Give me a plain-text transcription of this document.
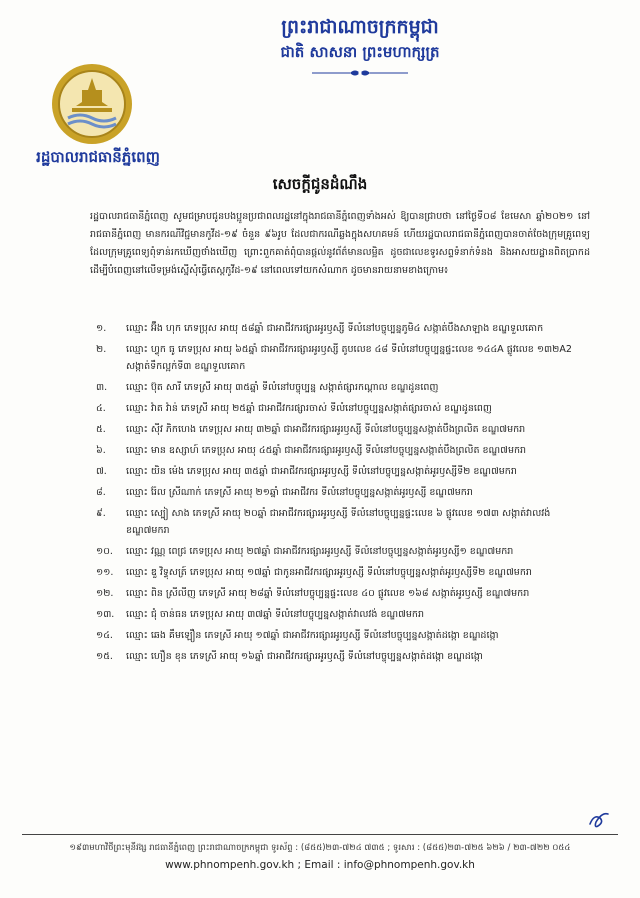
ព្រះរាជាណាចក្រកម្ពុជា
ជាតិ សាសនា ព្រះមហាក្សត្រ
រដ្ឋបាលរាជធានីភ្នំពេញ
សេចក្តីជូនដំណឹង
រដ្ឋបាលរាជធានីភ្នំពេញ សូមជម្រាបជូនបងប្អូនប្រជាពលរដ្ឋនៅក្នុងរាជធានីភ្នំពេញទាំងអស់ ឱ្យបានជ្រាបថា នៅថ្ងៃទី០៨ ខែមេសា ឆ្នាំ២០២១ នៅរាជធានីភ្នំពេញ មានករណីវិជ្ជមានកូវីដ-១៩ ចំនួន ៩៦រូប ដែលជាករណីឆ្លងក្នុងសហគមន៍ ហើយរដ្ឋបាលរាជធានីភ្នំពេញបានចាត់ចែងក្រុមគ្រូពេទ្យ ដែលក្រុមគ្រូពេទ្យពុំទាន់រកឃើញថាំងឃើញ ព្រោះពួកគាត់ពុំបានផ្តល់នូវព័ត៌មានលម្អិត ដូចជាលេខទូរសព្ទទំនាក់ទំនង និងអាសយដ្ឋានពិតប្រាកដ ដើម្បីបំពេញនៅលើទម្រង់ស្នើសុំធ្វើតេស្តកូវីដ-១៩ នៅពេលទៅយកសំណាក ដូចមានរាយនាមខាងក្រោម៖
១.	ឈ្មោះ អ៊ឹង ហុក ភេទប្រុស អាយុ ៥៨ឆ្នាំ ជាអាជីវករផ្សារអូរឫស្សី ទីលំនៅបច្ចុប្បន្នភូមិ៤ សង្កាត់បឹងសាឡាង ខណ្ឌទួលគោក
២.	ឈ្មោះ ហ្វុក ធូ ភេទប្រុស អាយុ ៦៥ឆ្នាំ ជាអាជីវករផ្សារអូរឫស្សី តូបលេខ ៤៨ ទីលំនៅបច្ចុប្បន្នផ្ទះលេខ ១៤៤A ផ្លូវលេខ ១៣២A2 សង្កាត់ទឹកល្អក់ទី៣ ខណ្ឌទួលគោក
៣.	ឈ្មោះ ប៊ុត សារី ភេទស្រី អាយុ ៣៥ឆ្នាំ ទីលំនៅបច្ចុប្បន្ន សង្កាត់ផ្សារកណ្តាល ខណ្ឌដូនពេញ
៤.	ឈ្មោះ វ៉ាត វ៉ាន់ ភេទស្រី អាយុ ២៥ឆ្នាំ ជាអាជីវករផ្សារចាស់ ទីលំនៅបច្ចុប្បន្នសង្កាត់ផ្សារចាស់ ខណ្ឌដូនពេញ
៥.	ឈ្មោះ ស៊ីវ ភិកហេង ភេទប្រុស អាយុ ៣២ឆ្នាំ ជាអាជីវករផ្សារអូរឫស្សី ទីលំនៅបច្ចុប្បន្នសង្កាត់បឹងព្រលិត ខណ្ឌ៧មករា
៦.	ឈ្មោះ មាន ឧស្សាហ៍ ភេទប្រុស អាយុ ៤៥ឆ្នាំ ជាអាជីវករផ្សារអូរឫស្សី ទីលំនៅបច្ចុប្បន្នសង្កាត់បឹងព្រលិត ខណ្ឌ៧មករា
៧.	ឈ្មោះ យិន ម៉េង ភេទប្រុស អាយុ ៣៥ឆ្នាំ ជាអាជីវករផ្សារអូរឫស្សី ទីលំនៅបច្ចុប្បន្នសង្កាត់អូរឫស្សីទី២ ខណ្ឌ៧មករា
៨.	ឈ្មោះ រ៉ែល ស្រីណាក់ ភេទស្រី អាយុ ២១ឆ្នាំ ជាអាជីវករ ទីលំនៅបច្ចុប្បន្នសង្កាត់អូរឫស្សី ខណ្ឌ៧មករា
៩.	ឈ្មោះ ស្បៀ សាង ភេទស្រី អាយុ ២០ឆ្នាំ ជាអាជីវករផ្សារអូរឫស្សី ទីលំនៅបច្ចុប្បន្នផ្ទះលេខ ៦ ផ្លូវលេខ ១៧៣ សង្កាត់វាលវង់ ខណ្ឌ៧មករា
១០.	ឈ្មោះ វណ្ណ ពេជ្រ ភេទប្រុស អាយុ ២៧ឆ្នាំ ជាអាជីវករផ្សារអូរឫស្សី ទីលំនៅបច្ចុប្បន្នសង្កាត់អូរឫស្សី១ ខណ្ឌ៧មករា
១១.	ឈ្មោះ ឌួ វិទ្ធុសត្រ៍ ភេទប្រុស អាយុ ១៧ឆ្នាំ ជាកូនអាជីវករផ្សារអូរឫស្សី ទីលំនៅបច្ចុប្បន្នសង្កាត់អូរឫស្សីទី២ ខណ្ឌ៧មករា
១២.	ឈ្មោះ ពិន ស្រីលីញ ភេទស្រី អាយុ ២៨ឆ្នាំ ទីលំនៅបច្ចុប្បន្នផ្ទះលេខ ៤០ ផ្លូវលេខ ១៦៨ សង្កាត់អូរឫស្សី ខណ្ឌ៧មករា
១៣.	ឈ្មោះ ជុំ ចាន់ធន ភេទប្រុស អាយុ ៣៧ឆ្នាំ ទីលំនៅបច្ចុប្បន្នសង្កាត់វាលវង់ ខណ្ឌ៧មករា
១៤.	ឈ្មោះ ឆេង គឹមឡឿន ភេទស្រី អាយុ ១៧ឆ្នាំ ជាអាជីវករផ្សារអូរឫស្សី ទីលំនៅបច្ចុប្បន្នសង្កាត់ដង្កោ ខណ្ឌដង្កោ
១៥.	ឈ្មោះ ហឿន ខុន ភេទស្រី អាយុ ១៦ឆ្នាំ ជាអាជីវករផ្សារអូរឫស្សី ទីលំនៅបច្ចុប្បន្នសង្កាត់ដង្កោ ខណ្ឌដង្កោ
១៩៣មហាវិថីព្រះមុនីវង្ស រាជធានីភ្នំពេញ ព្រះរាជាណាចក្រកម្ពុជា ទូរស័ព្ទ : (៨៥៥)២៣-៧២៤ ៧៣៥ ; ទូរសារ : (៨៥៥)២៣-៧២៥ ៦២៦ / ២៣-៧២២ ០៥៤
www.phnompenh.gov.kh ; Email : info@phnompenh.gov.kh
